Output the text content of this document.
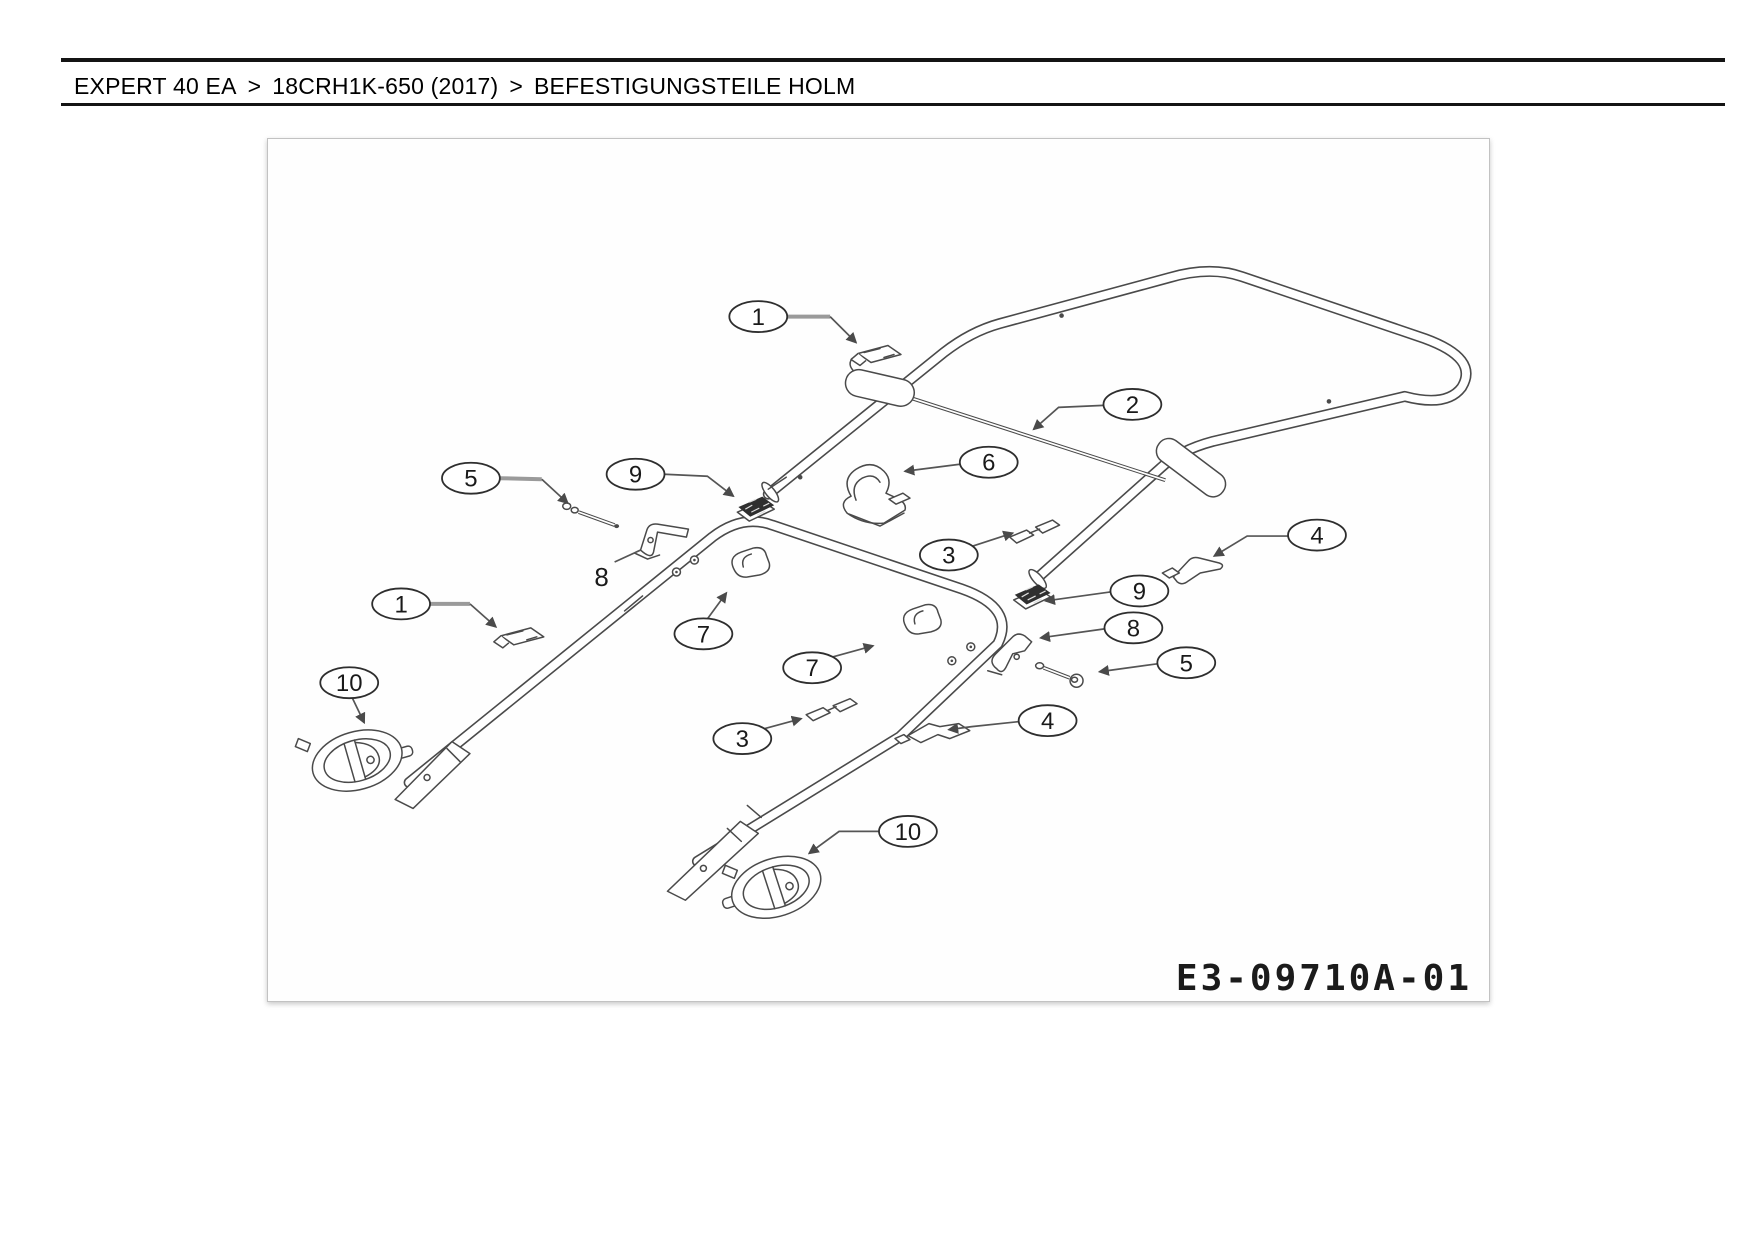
EXPERT 40 EA > 18CRH1K-650 (2017) > BEFESTIGUNGSTEILE HOLM
1
2
6
5	9
8
1
7
7
3
4
9
8
5
10
3
4
10
E3-09710A-01
